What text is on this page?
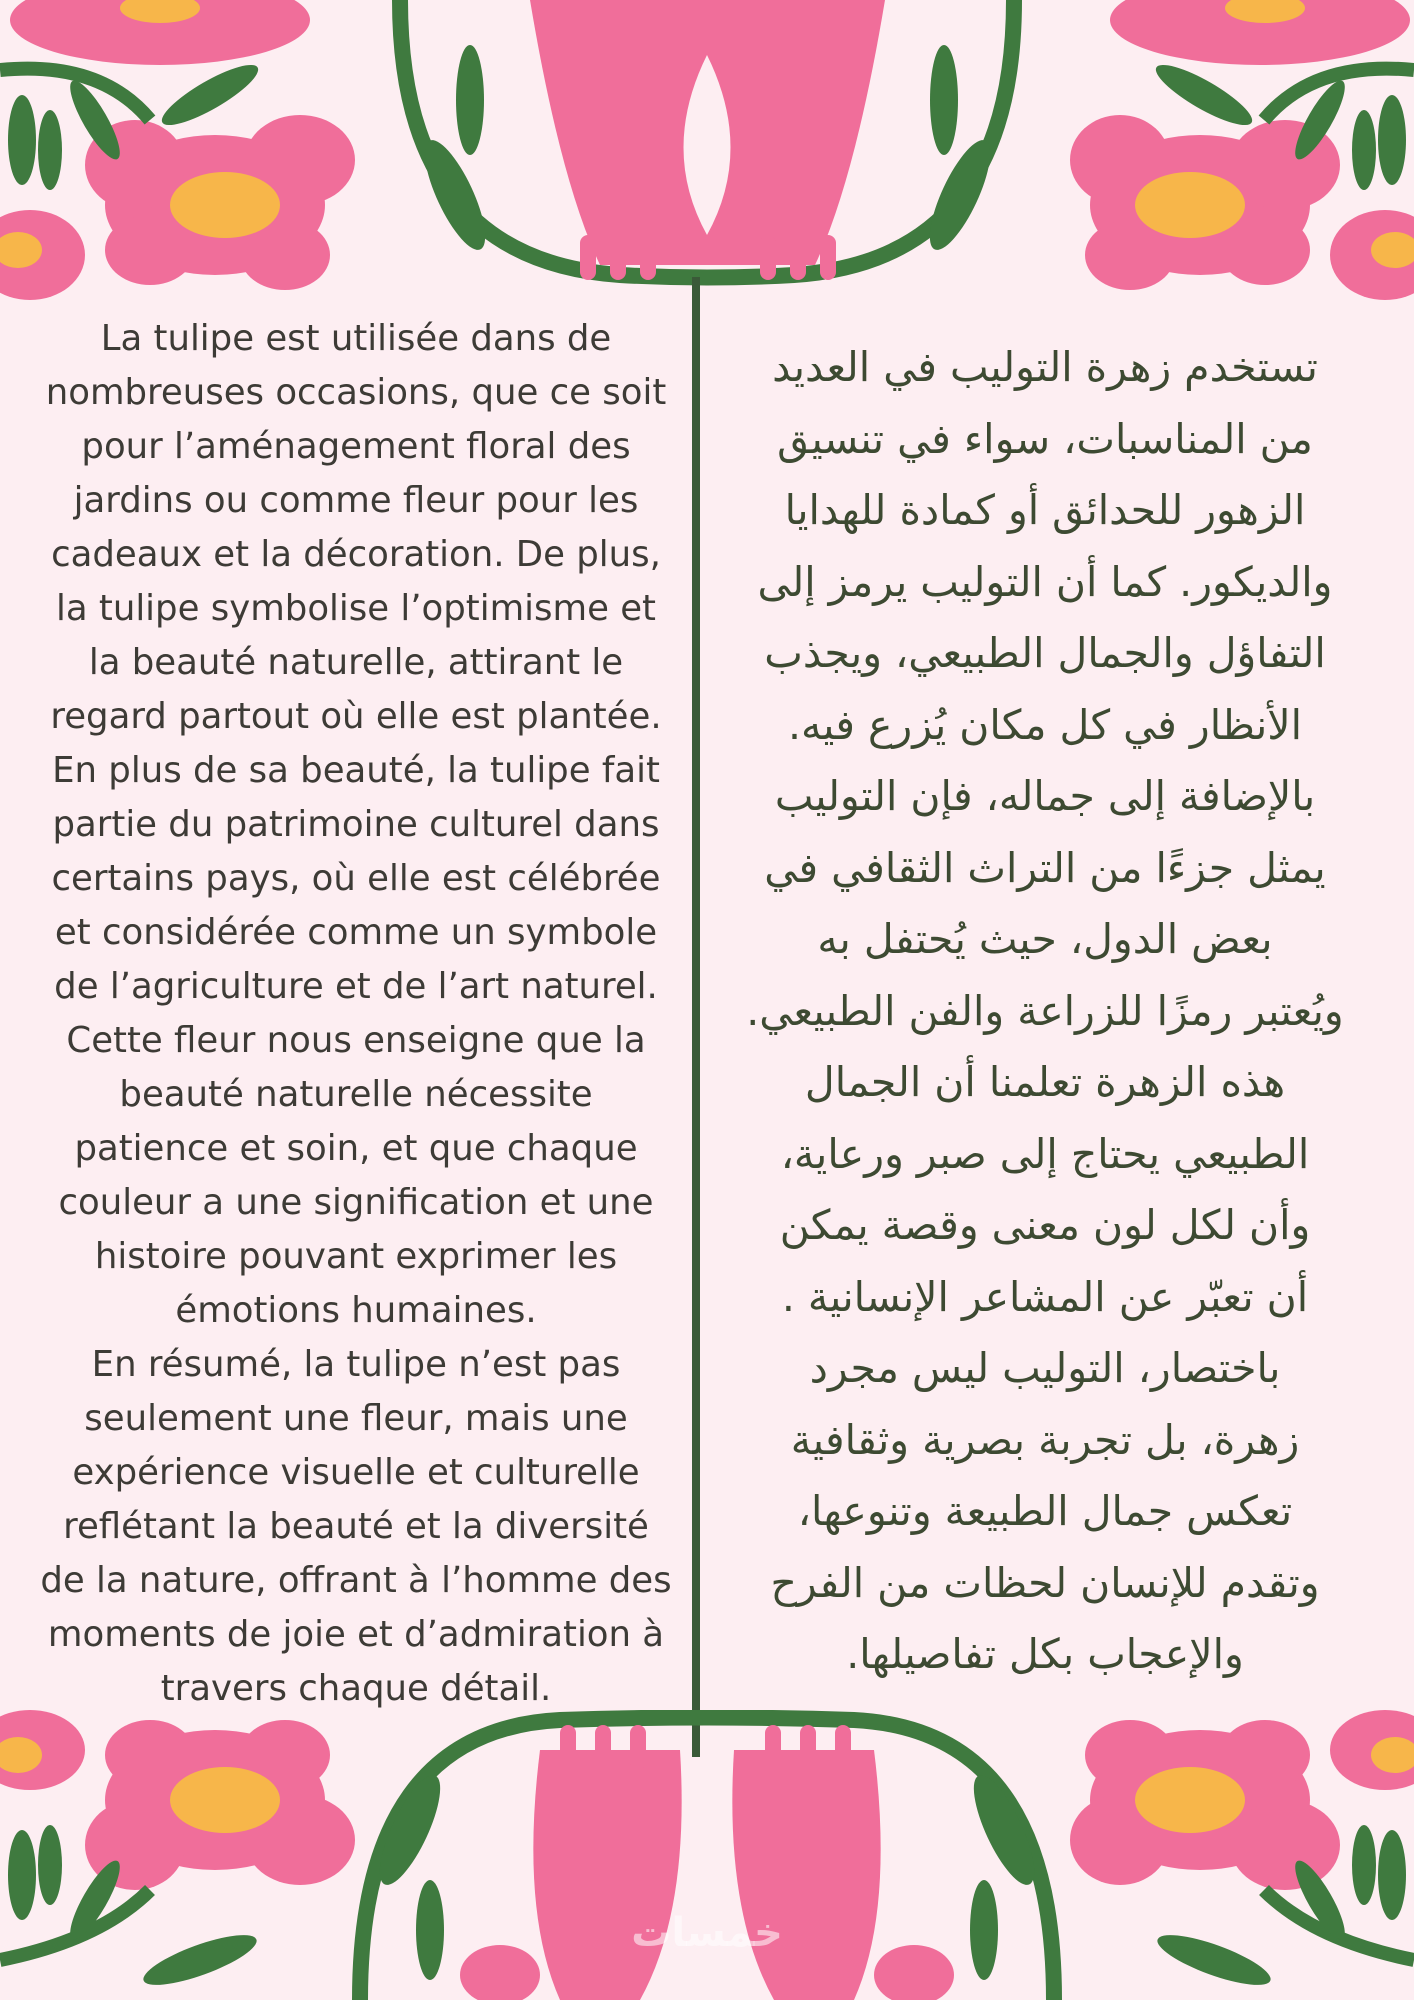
La tulipe est utilisée dans de
nombreuses occasions, que ce soit
pour l’aménagement floral des
jardins ou comme fleur pour les
cadeaux et la décoration. De plus,
la tulipe symbolise l’optimisme et
la beauté naturelle, attirant le
regard partout où elle est plantée.
En plus de sa beauté, la tulipe fait
partie du patrimoine culturel dans
certains pays, où elle est célébrée
et considérée comme un symbole
de l’agriculture et de l’art naturel.
Cette fleur nous enseigne que la
beauté naturelle nécessite
patience et soin, et que chaque
couleur a une signification et une
histoire pouvant exprimer les
émotions humaines.
En résumé, la tulipe n’est pas
seulement une fleur, mais une
expérience visuelle et culturelle
reflétant la beauté et la diversité
de la nature, offrant à l’homme des
moments de joie et d’admiration à
travers chaque détail.
تستخدم زهرة التوليب في العديد
من المناسبات، سواء في تنسيق
الزهور للحدائق أو كمادة للهدايا
والديكور. كما أن التوليب يرمز إلى
التفاؤل والجمال الطبيعي، ويجذب
الأنظار في كل مكان يُزرع فيه.
بالإضافة إلى جماله، فإن التوليب
يمثل جزءًا من التراث الثقافي في
بعض الدول، حيث يُحتفل به
ويُعتبر رمزًا للزراعة والفن الطبيعي.
هذه الزهرة تعلمنا أن الجمال
الطبيعي يحتاج إلى صبر ورعاية،
وأن لكل لون معنى وقصة يمكن
أن تعبّر عن المشاعر الإنسانية .
باختصار، التوليب ليس مجرد
زهرة، بل تجربة بصرية وثقافية
تعكس جمال الطبيعة وتنوعها،
وتقدم للإنسان لحظات من الفرح
والإعجاب بكل تفاصيلها.
خمسات
